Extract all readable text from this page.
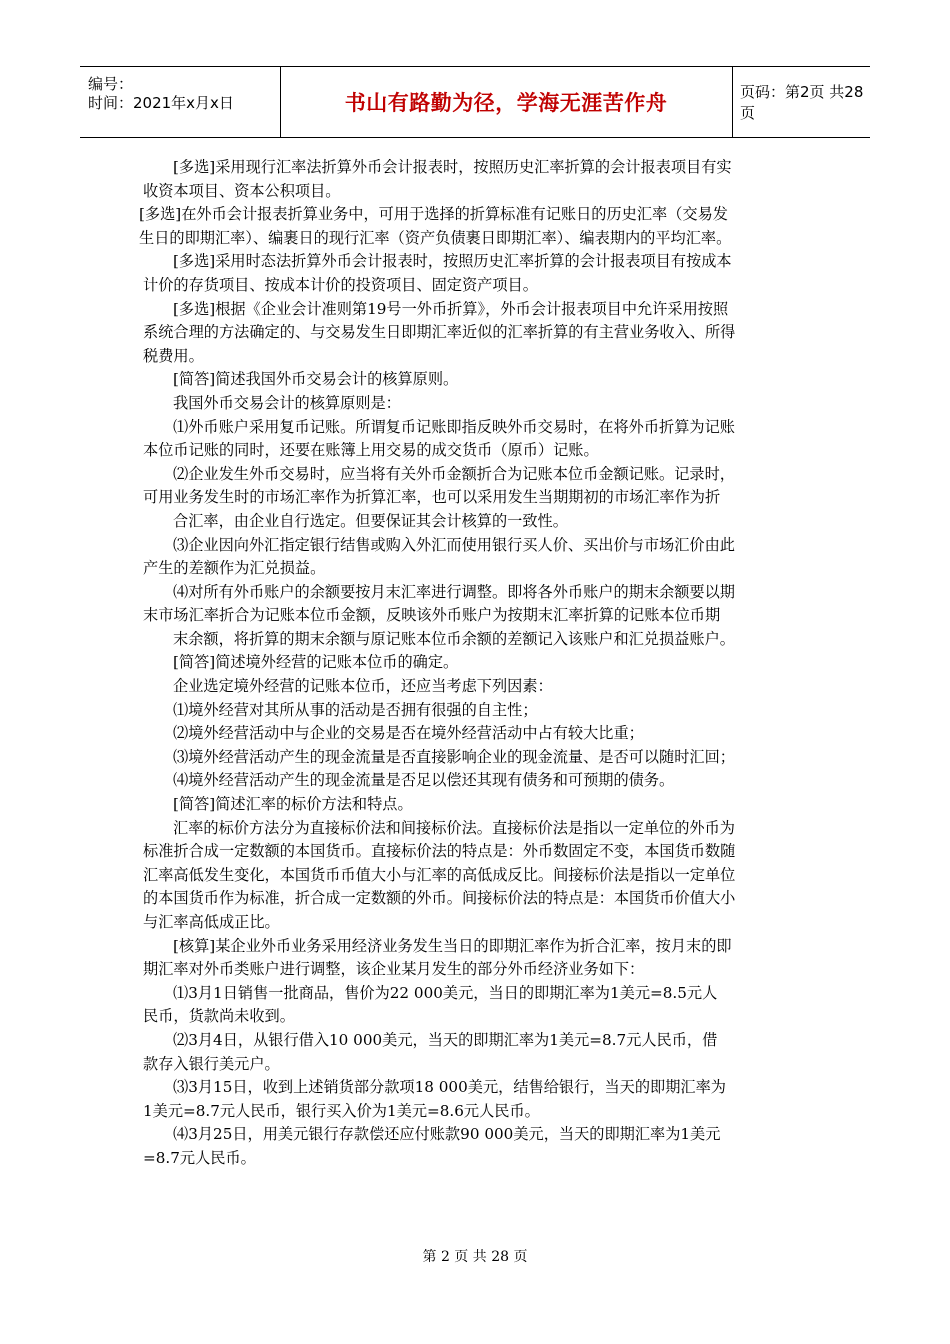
编号：
时间：2021年x月x日	书山有路勤为径，学海无涯苦作舟	页码：第2页 共28页

[多选]采用现行汇率法折算外币会计报表时，按照历史汇率折算的会计报表项目有实

收资本项目、资本公积项目。

[多选]在外币会计报表折算业务中，可用于选择的折算标准有记账日的历史汇率（交易发

生日的即期汇率）、编裹日的现行汇率（资产负债裹日即期汇率）、编表期内的平均汇率。

[多选]采用时态法折算外币会计报表时，按照历史汇率折算的会计报表项目有按成本

计价的存货项目、按成本计价的投资项目、固定资产项目。

[多选]根据《企业会计准则第19号一外币折算》，外币会计报表项目中允许采用按照

系统合理的方法确定的、与交易发生日即期汇率近似的汇率折算的有主营业务收入、所得

税费用。

[简答]简述我国外币交易会计的核算原则。

我国外币交易会计的核算原则是：

⑴外币账户采用复币记账。所谓复币记账即指反映外币交易时，在将外币折算为记账

本位币记账的同时，还要在账簿上用交易的成交货币（原币）记账。

⑵企业发生外币交易时，应当将有关外币金额折合为记账本位币金额记账。记录时，

可用业务发生时的市场汇率作为折算汇率，也可以采用发生当期期初的市场汇率作为折

合汇率，由企业自行选定。但要保证其会计核算的一致性。

⑶企业因向外汇指定银行结售或购入外汇而使用银行买人价、买出价与市场汇价由此

产生的差额作为汇兑损益。

⑷对所有外币账户的余额要按月末汇率进行调整。即将各外币账户的期末余额要以期

末市场汇率折合为记账本位币金额，反映该外币账户为按期末汇率折算的记账本位币期

末余额，将折算的期末余额与原记账本位币余额的差额记入该账户和汇兑损益账户。

[简答]简述境外经营的记账本位币的确定。

企业选定境外经营的记账本位币，还应当考虑下列因素：

⑴境外经营对其所从事的活动是否拥有很强的自主性；

⑵境外经营活动中与企业的交易是否在境外经营活动中占有较大比重；

⑶境外经营活动产生的现金流量是否直接影响企业的现金流量、是否可以随时汇回；

⑷境外经营活动产生的现金流量是否足以偿还其现有债务和可预期的债务。

[简答]简述汇率的标价方法和特点。

汇率的标价方法分为直接标价法和间接标价法。直接标价法是指以一定单位的外币为

标准折合成一定数额的本国货币。直接标价法的特点是：外币数固定不变，本国货币数随

汇率高低发生变化，本国货币币值大小与汇率的高低成反比。间接标价法是指以一定单位

的本国货币作为标准，折合成一定数额的外币。间接标价法的特点是：本国货币价值大小

与汇率高低成正比。

[核算]某企业外币业务采用经济业务发生当日的即期汇率作为折合汇率，按月末的即

期汇率对外币类账户进行调整，该企业某月发生的部分外币经济业务如下：

⑴3月1日销售一批商品，售价为22 000美元，当日的即期汇率为1美元=8.5元人

民币，货款尚未收到。

⑵3月4日，从银行借入10 000美元，当天的即期汇率为1美元=8.7元人民币，借

款存入银行美元户。

⑶3月15日，收到上述销货部分款项18 000美元，结售给银行，当天的即期汇率为

1美元=8.7元人民币，银行买入价为1美元=8.6元人民币。

⑷3月25日，用美元银行存款偿还应付账款90 000美元，当天的即期汇率为1美元

=8.7元人民币。

第 2 页 共 28 页
